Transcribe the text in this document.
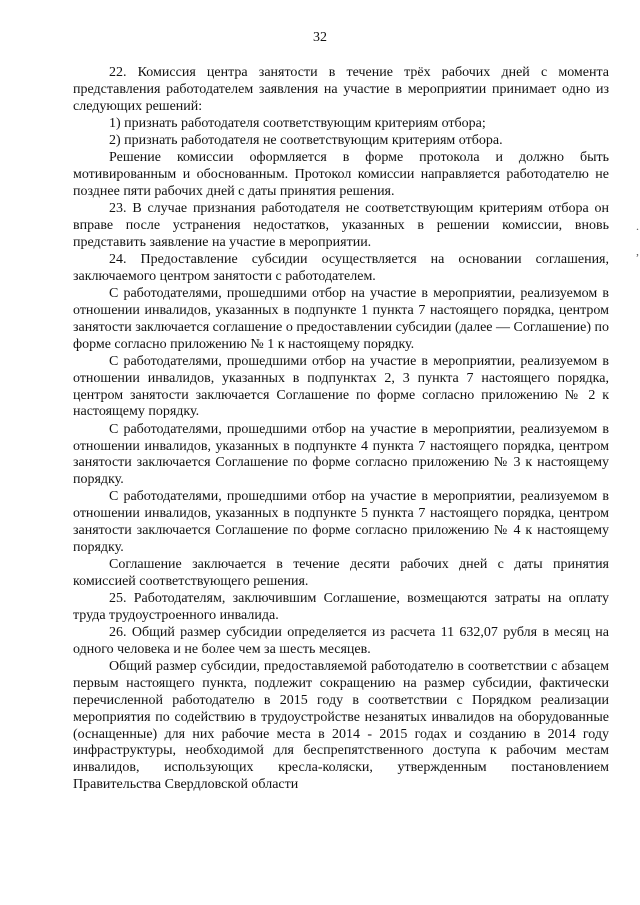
32

22. Комиссия центра занятости в течение трёх рабочих дней с момента представления работодателем заявления на участие в мероприятии принимает одно из следующих решений:

1) признать работодателя соответствующим критериям отбора;

2) признать работодателя не соответствующим критериям отбора.

Решение комиссии оформляется в форме протокола и должно быть мотивированным и обоснованным. Протокол комиссии направляется работодателю не позднее пяти рабочих дней с даты принятия решения.

23. В случае признания работодателя не соответствующим критериям отбора он вправе после устранения недостатков, указанных в решении комиссии, вновь представить заявление на участие в мероприятии.

24. Предоставление субсидии осуществляется на основании соглашения, заключаемого центром занятости с работодателем.

С работодателями, прошедшими отбор на участие в мероприятии, реализуемом в отношении инвалидов, указанных в подпункте 1 пункта 7 настоящего порядка, центром занятости заключается соглашение о предоставлении субсидии (далее — Соглашение) по форме согласно приложению № 1 к настоящему порядку.

С работодателями, прошедшими отбор на участие в мероприятии, реализуемом в отношении инвалидов, указанных в подпунктах 2, 3 пункта 7 настоящего порядка, центром занятости заключается Соглашение по форме согласно приложению № 2 к настоящему порядку.

С работодателями, прошедшими отбор на участие в мероприятии, реализуемом в отношении инвалидов, указанных в подпункте 4 пункта 7 настоящего порядка, центром занятости заключается Соглашение по форме согласно приложению № 3 к настоящему порядку.

С работодателями, прошедшими отбор на участие в мероприятии, реализуемом в отношении инвалидов, указанных в подпункте 5 пункта 7 настоящего порядка, центром занятости заключается Соглашение по форме согласно приложению № 4 к настоящему порядку.

Соглашение заключается в течение десяти рабочих дней с даты принятия комиссией соответствующего решения.

25. Работодателям, заключившим Соглашение, возмещаются затраты на оплату труда трудоустроенного инвалида.

26. Общий размер субсидии определяется из расчета 11 632,07 рубля в месяц на одного человека и не более чем за шесть месяцев.

Общий размер субсидии, предоставляемой работодателю в соответствии с абзацем первым настоящего пункта, подлежит сокращению на размер субсидии, фактически перечисленной работодателю в 2015 году в соответствии с Порядком реализации мероприятия по содействию в трудоустройстве незанятых инвалидов на оборудованные (оснащенные) для них рабочие места в 2014 - 2015 годах и созданию в 2014 году инфраструктуры, необходимой для беспрепятственного доступа к рабочим местам инвалидов, использующих кресла-коляски, утвержденным постановлением Правительства Свердловской области

.
,
